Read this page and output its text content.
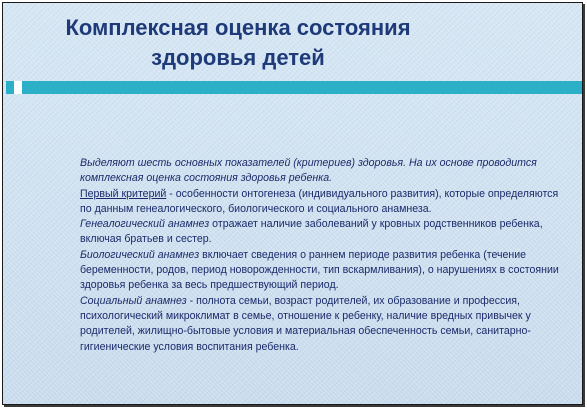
Комплексная оценка состояния
здоровья детей

Выделяют шесть основных показателей (критериев) здоровья. На их основе проводится комплексная оценка состояния здоровья ребенка.

Первый критерий - особенности онтогенеза (индивидуального развития), которые определяются по данным генеалогического, биологического и социального анамнеза.

Генеалогический анамнез отражает наличие заболеваний у кровных родственников ребенка, включая братьев и сестер.

Биологический анамнез включает сведения о раннем периоде развития ребенка (течение беременности, родов, период новорожденности, тип вскармливания), о нарушениях в состоянии здоровья ребенка за весь предшествующий период.

Социальный анамнез - полнота семьи, возраст родителей, их образование и профессия, психологический микроклимат в семье, отношение к ребенку, наличие вредных привычек у родителей, жилищно-бытовые условия и материальная обеспеченность семьи, санитарно-гигиенические условия воспитания ребенка.
